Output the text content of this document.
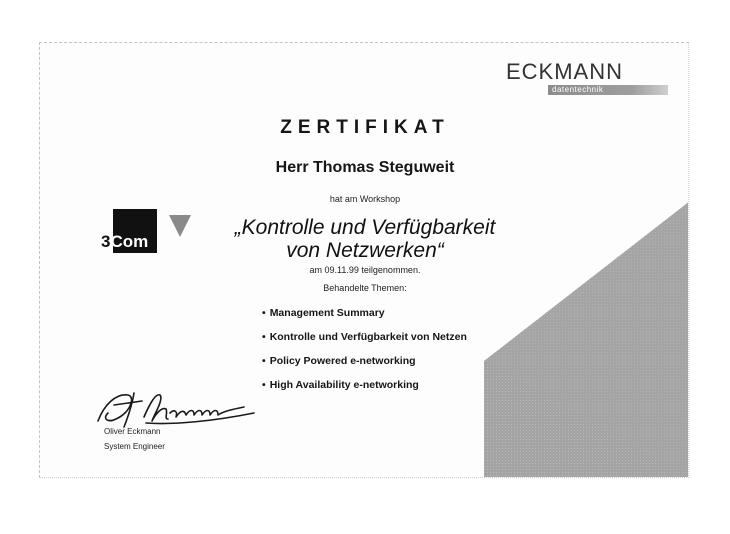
ECKMANN
datentechnik
ZERTIFIKAT
Herr Thomas Steguweit
hat am Workshop
3Com
„Kontrolle und Verfügbarkeit
von Netzwerken“
am 09.11.99 teilgenommen.
Behandelte Themen:
• Management Summary
• Kontrolle und Verfügbarkeit von Netzen
• Policy Powered e-networking
• High Availability e-networking
Oliver Eckmann
System Engineer
